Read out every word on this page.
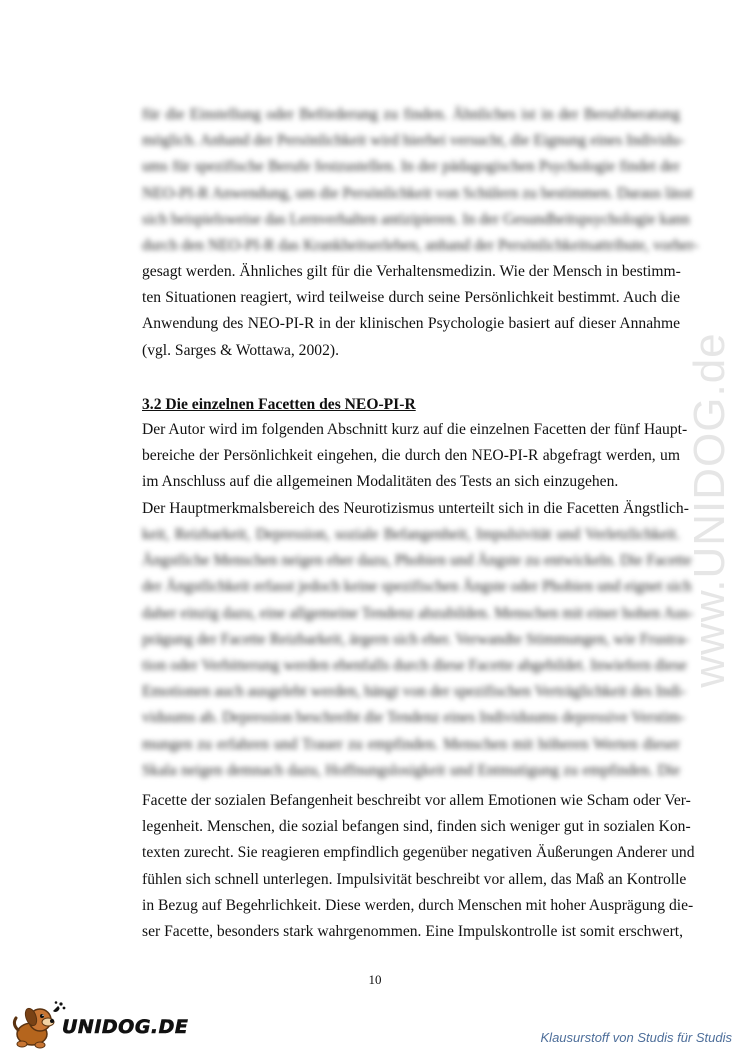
für die Einstellung oder Beförderung zu finden. Ähnliches ist in der Berufsberatung
möglich. Anhand der Persönlichkeit wird hierbei versucht, die Eignung eines Individu-
ums für spezifische Berufe festzustellen. In der pädagogischen Psychologie findet der
NEO-PI-R Anwendung, um die Persönlichkeit von Schülern zu bestimmen. Daraus lässt
sich beispielsweise das Lernverhalten antizipieren. In der Gesundheitspsychologie kann
durch den NEO-PI-R das Krankheitserleben, anhand der Persönlichkeitsattribute, vorher-
gesagt werden. Ähnliches gilt für die Verhaltensmedizin. Wie der Mensch in bestimm-
ten Situationen reagiert, wird teilweise durch seine Persönlichkeit bestimmt. Auch die
Anwendung des NEO-PI-R in der klinischen Psychologie basiert auf dieser Annahme
(vgl. Sarges & Wottawa, 2002).
3.2 Die einzelnen Facetten des NEO-PI-R
Der Autor wird im folgenden Abschnitt kurz auf die einzelnen Facetten der fünf Haupt-
bereiche der Persönlichkeit eingehen, die durch den NEO-PI-R abgefragt werden, um
im Anschluss auf die allgemeinen Modalitäten des Tests an sich einzugehen.
Der Hauptmerkmalsbereich des Neurotizismus unterteilt sich in die Facetten Ängstlich-
keit, Reizbarkeit, Depression, soziale Befangenheit, Impulsivität und Verletzlichkeit.
Ängstliche Menschen neigen eher dazu, Phobien und Ängste zu entwickeln. Die Facette
der Ängstlichkeit erfasst jedoch keine spezifischen Ängste oder Phobien und eignet sich
daher einzig dazu, eine allgemeine Tendenz abzubilden. Menschen mit einer hohen Aus-
prägung der Facette Reizbarkeit, ärgern sich eher. Verwandte Stimmungen, wie Frustra-
tion oder Verbitterung werden ebenfalls durch diese Facette abgebildet. Inwiefern diese
Emotionen auch ausgelebt werden, hängt von der spezifischen Verträglichkeit des Indi-
viduums ab. Depression beschreibt die Tendenz eines Individuums depressive Verstim-
mungen zu erfahren und Trauer zu empfinden. Menschen mit höheren Werten dieser
Skala neigen demnach dazu, Hoffnungslosigkeit und Entmutigung zu empfinden. Die
Facette der sozialen Befangenheit beschreibt vor allem Emotionen wie Scham oder Ver-
legenheit. Menschen, die sozial befangen sind, finden sich weniger gut in sozialen Kon-
texten zurecht. Sie reagieren empfindlich gegenüber negativen Äußerungen Anderer und
fühlen sich schnell unterlegen. Impulsivität beschreibt vor allem, das Maß an Kontrolle
in Bezug auf Begehrlichkeit. Diese werden, durch Menschen mit hoher Ausprägung die-
ser Facette, besonders stark wahrgenommen. Eine Impulskontrolle ist somit erschwert,
10
www.UNIDOG.de
UNIDOG.DE	Klausurstoff von Studis für Studis
